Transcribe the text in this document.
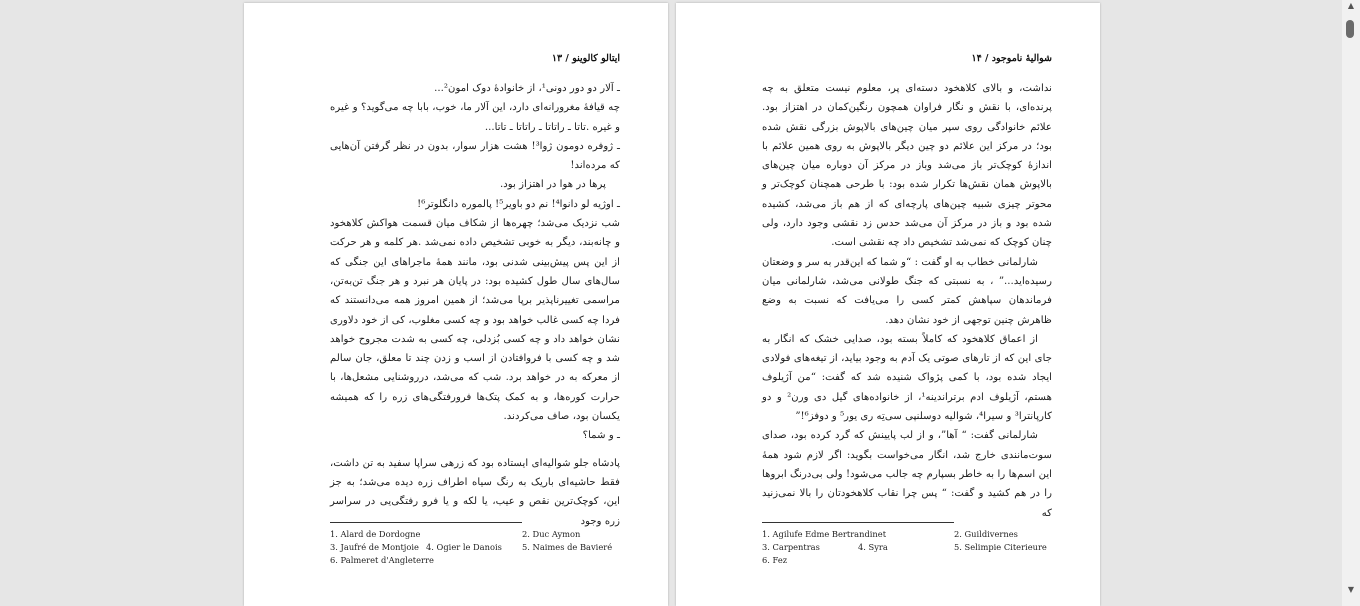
ایتالو کالوینو / ۱۳

ـ آلار دو دور دونی¹، از خانوادهٔ دوک امون²...

چه قیافهٔ مغرورانه‌ای دارد، این آلار ما، خوب، بابا چه می‌گوید؟ و غیره و غیره .تاتا ـ راتاتا ـ راتاتا ـ تاتا...

ـ ژوفره دومون ژوا³! هشت هزار سوار، بدون در نظر گرفتن آن‌هایی که مرده‌اند!

پرها در هوا در اهتزاز بود.

ـ اوژیه لو دانوا⁴! نم دو باویر⁵! پالموره دانگلوتر⁶!

شب نزدیک می‌شد؛ چهره‌ها از شکاف میان قسمت هواکش کلاهخود و چانه‌بند، دیگر به خوبی تشخیص داده نمی‌شد .هر کلمه و هر حرکت از این پس پیش‌بینی شدنی بود، مانند همهٔ ماجراهای این جنگی که سال‌های سال طول کشیده بود: در پایان هر نبرد و هر جنگ تن‌به‌تن، مراسمی تغییرناپذیر برپا می‌شد؛ از همین امروز همه می‌دانستند که فردا چه کسی غالب خواهد بود و چه کسی مغلوب، کی از خود دلاوری نشان خواهد داد و چه کسی بُزدلی، چه کسی به شدت مجروح خواهد شد و چه کسی با فروافتادن از اسب و زدن چند تا معلق، جان سالم از معرکه به در خواهد برد. شب که می‌شد، درروشنایی مشعل‌ها، با حرارت کوره‌ها، و به کمک پتک‌ها فرورفتگی‌های زره را که همیشه یکسان بود، صاف می‌کردند.

ـ و شما؟

پادشاه جلو شوالیه‌ای ایستاده بود که زرهی سراپا سفید به تن داشت، فقط حاشیه‌ای باریک به رنگ سیاه اطراف زره دیده می‌شد؛ به جز این، کوچک‌ترین نقص و عیب، یا لکه و یا فرو رفتگی‌یی در سراسر زره وجود

1. Alard de Dordogne	2. Duc Aymon
3. Jaufré de Montjoie 4. Ogier le Danois	5. Naimes de Bavieré
6. Palmeret d'Angleterre
شوالیهٔ ناموجود / ۱۴

نداشت، و بالای کلاهخود دسته‌ای پر، معلوم نیست متعلق به چه پرنده‌ای، با نقش و نگار فراوان همچون رنگین‌کمان در اهتزاز بود. علائم خانوادگی روی سپر میان چین‌های بالاپوش بزرگی نقش شده بود؛ در مرکز این علائم دو چین دیگر بالاپوش به روی همین علائم با اندازهٔ کوچک‌تر باز می‌شد وباز در مرکز آن دوباره میان چین‌های بالاپوش همان نقش‌ها تکرار شده بود: با طرحی همچنان کوچک‌تر و محوتر چیزی شبیه چین‌های پارچه‌ای که از هم باز می‌شد، کشیده شده بود و باز در مرکز آن می‌شد حدس زد نقشی وجود دارد، ولی چنان کوچک که نمی‌شد تشخیص داد چه نقشی است.

شارلمانی خطاب به او گفت : “و شما که این‌قدر به سر و وضعتان رسیده‌اید...” ، به نسبتی که جنگ طولانی می‌شد، شارلمانی میان فرماندهان سپاهش کمتر کسی را می‌یافت که نسبت به وضع ظاهرش چنین توجهی از خود نشان دهد.

از اعماق کلاهخود که کاملاً بسته بود، صدایی خشک که انگار به جای این که از تارهای صوتی یک آدم به وجود بیاید، از تیغه‌های فولادی ایجاد شده بود، با کمی پژواک شنیده شد که گفت: “من آژیلوف هستم، آژیلوف ادم برتراندینه¹، از خانواده‌های گیل دی ورن² و دو کارپانترا³ و سیرا⁴، شوالیه دوسلنپی سی‌تِه ری یور⁵ و دوفز⁶!”

شارلمانی گفت: “ آها”، و از لب پایینش که گرد کرده بود، صدای سوت‌مانندی خارج شد، انگار می‌خواست بگوید: اگر لازم شود همهٔ این اسم‌ها را به خاطر بسپارم چه جالب می‌شود! ولی بی‌درنگ ابروها را در هم کشید و گفت: “ پس چرا نقاب کلاهخودتان را بالا نمی‌زنید که

1. Agilufe Edme Bertrandinet	2. Guildivernes
3. Carpentras	4. Syra	5. Selimpie Citerieure
6. Fez
▲
▼
